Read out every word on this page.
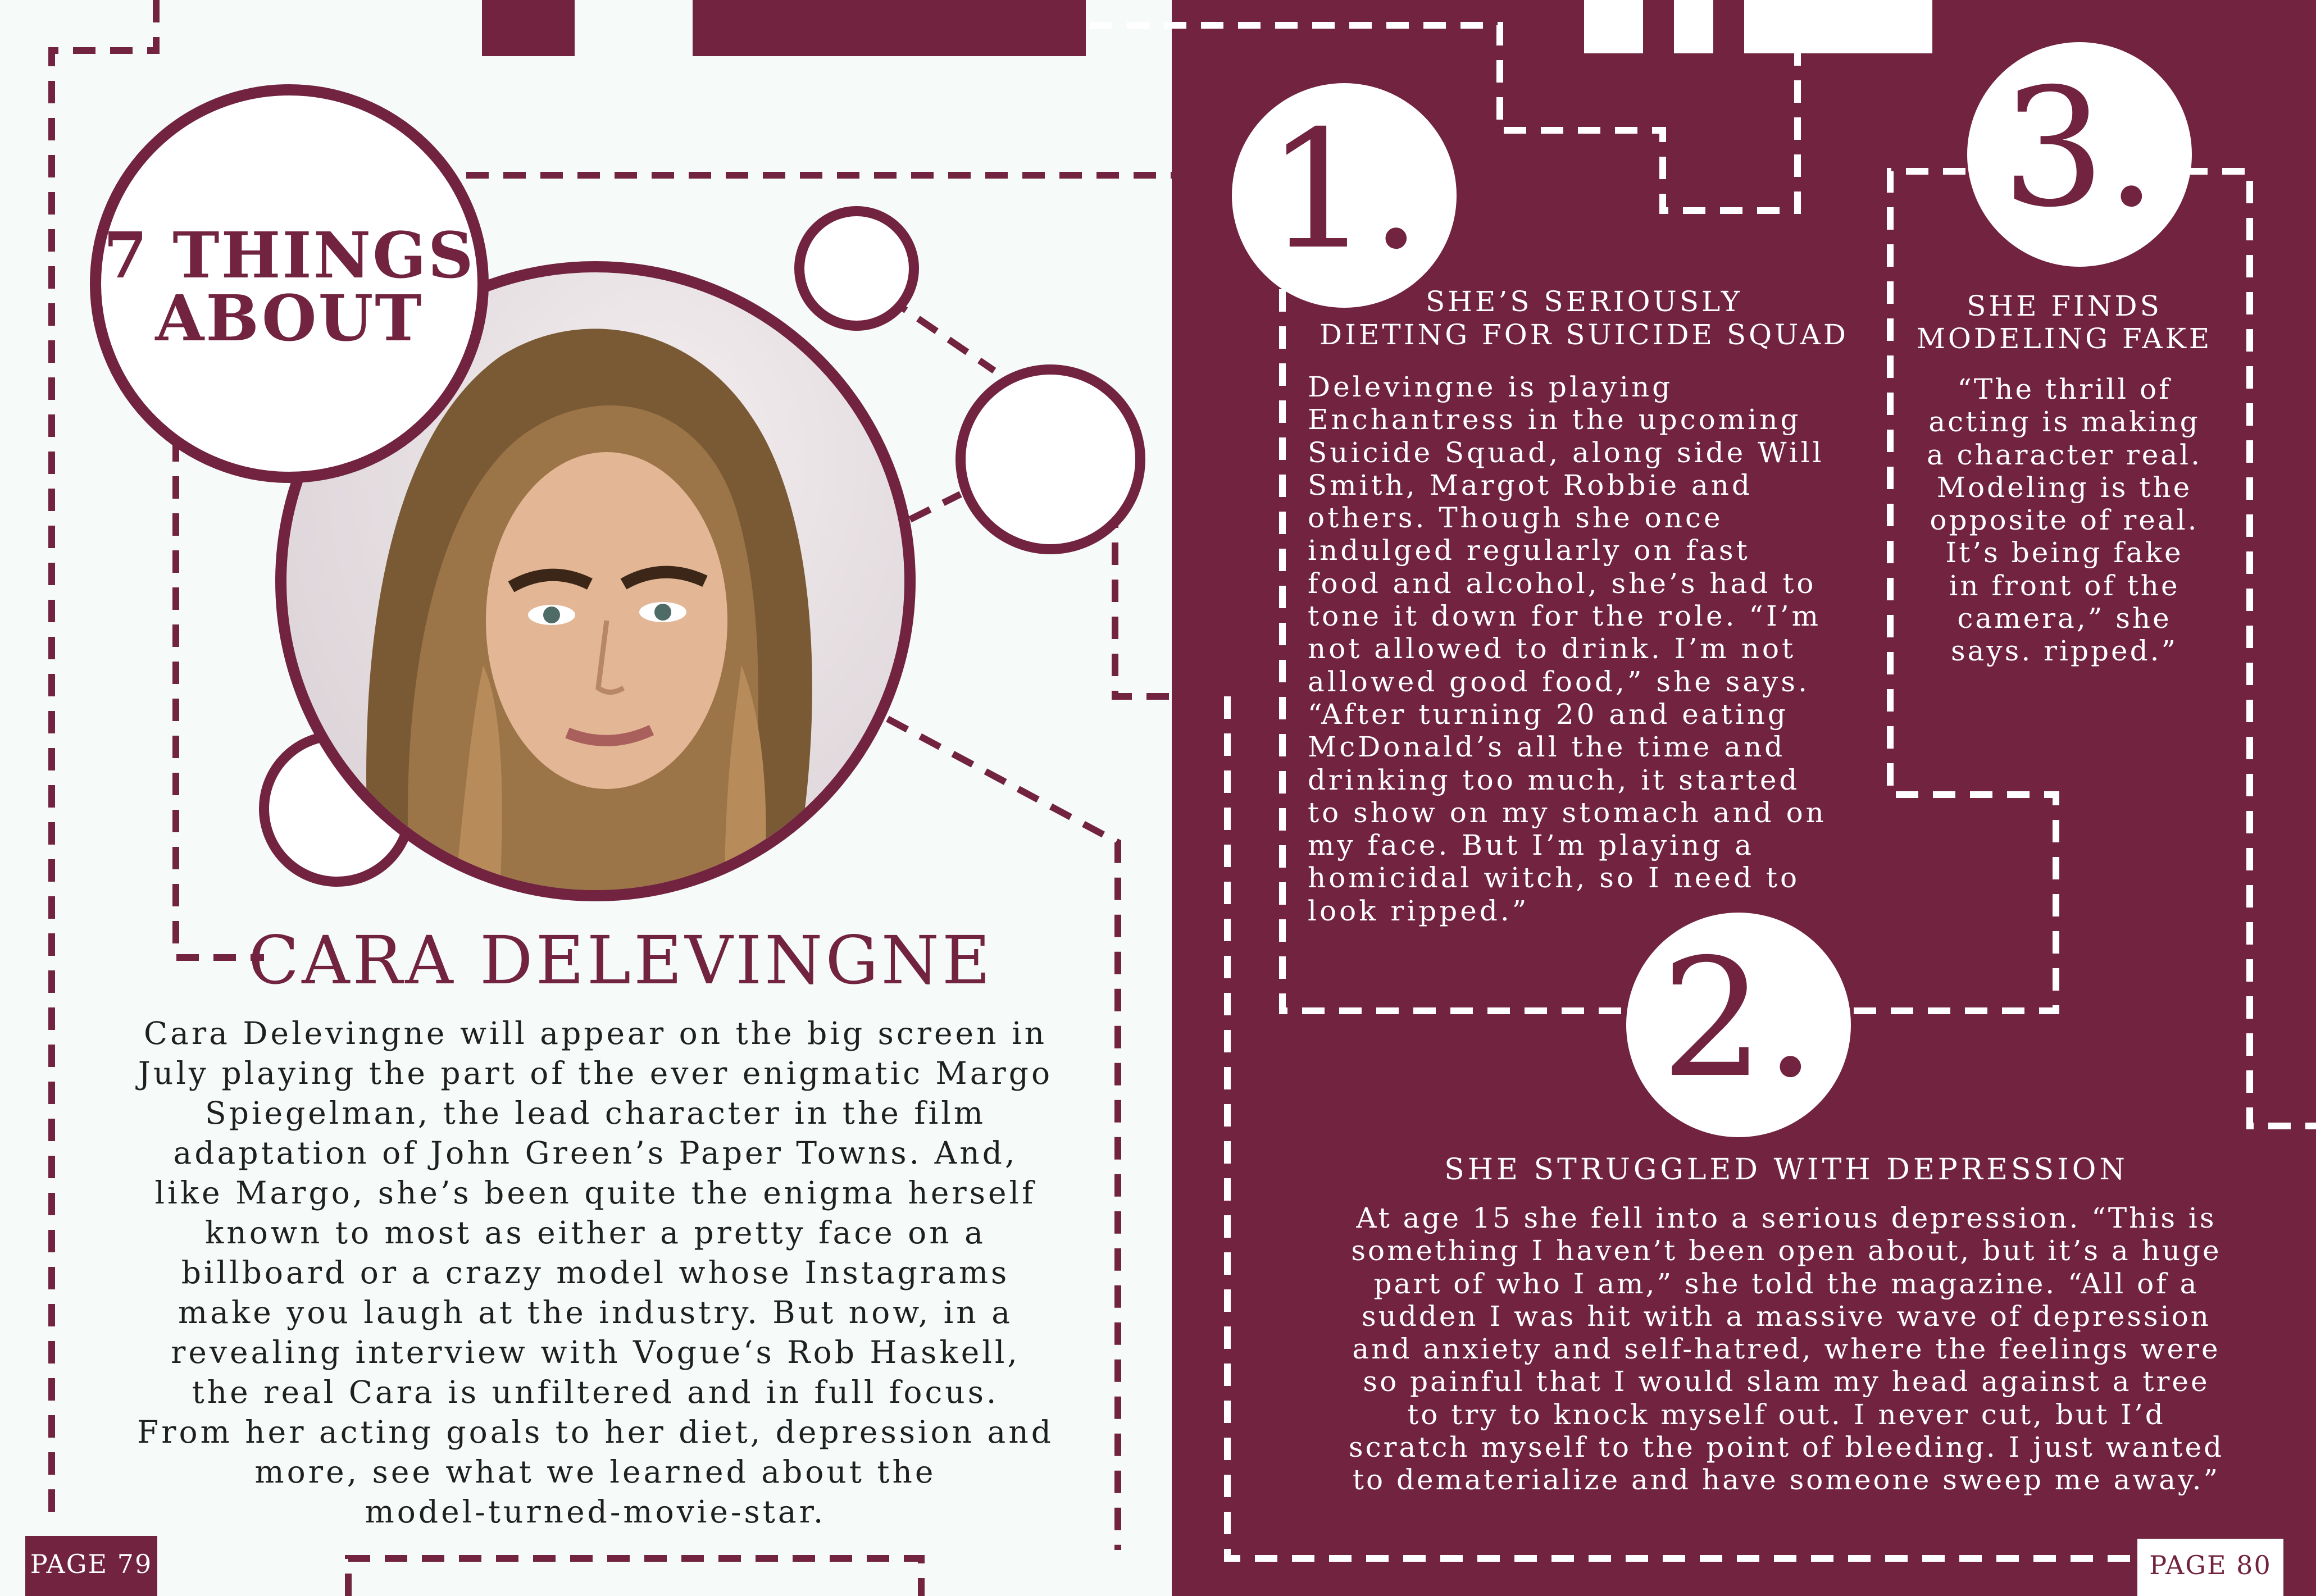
7 THINGS
ABOUT
CARA DELEVINGNE
Cara Delevingne will appear on the big screen in
July playing the part of the ever enigmatic Margo
Spiegelman, the lead character in the film
adaptation of John Green’s Paper Towns. And,
like Margo, she’s been quite the enigma herself
known to most as either a pretty face on a
billboard or a crazy model whose Instagrams
make you laugh at the industry. But now, in a
revealing interview with Vogue‘s Rob Haskell,
the real Cara is unfiltered and in full focus.
From her acting goals to her diet, depression and
more, see what we learned about the
model-turned-movie-star.
PAGE 79
1.
2.
3.
SHE’S SERIOUSLY
DIETING FOR SUICIDE SQUAD
Delevingne is playing
Enchantress in the upcoming
Suicide Squad, along side Will
Smith, Margot Robbie and
others. Though she once
indulged regularly on fast
food and alcohol, she’s had to
tone it down for the role. “I’m
not allowed to drink. I’m not
allowed good food,” she says.
“After turning 20 and eating
McDonald’s all the time and
drinking too much, it started
to show on my stomach and on
my face. But I’m playing a
homicidal witch, so I need to
look ripped.”
SHE FINDS
MODELING FAKE
“The thrill of
acting is making
a character real.
Modeling is the
opposite of real.
It’s being fake
in front of the
camera,” she
says. ripped.”
SHE STRUGGLED WITH DEPRESSION
At age 15 she fell into a serious depression. “This is
something I haven’t been open about, but it’s a huge
part of who I am,” she told the magazine. “All of a
sudden I was hit with a massive wave of depression
and anxiety and self-hatred, where the feelings were
so painful that I would slam my head against a tree
to try to knock myself out. I never cut, but I’d
scratch myself to the point of bleeding. I just wanted
to dematerialize and have someone sweep me away.”
PAGE 80
